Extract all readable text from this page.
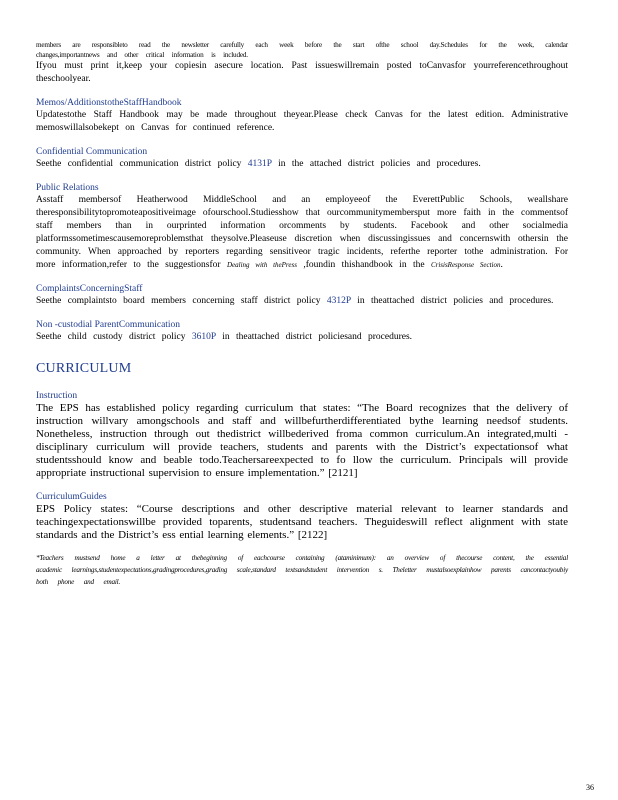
members are responsibleto read the newsletter carefully each week before the start ofthe school day.Schedules for the week, calendar changes,importantnews and other critical information is included.

Ifyou must print it,keep your copiesin asecure location. Past issueswillremain posted toCanvasfor yourreferencethroughout theschoolyear.

Memos/AdditionstotheStaffHandbook

Updatestothe Staff Handbook may be made throughout theyear.Please check Canvas for the latest edition. Administrative memoswillalsobekept on Canvas for continued reference.

Confidential Communication

Seethe confidential communication district policy 4131P in the attached district policies and procedures.

Public Relations

Asstaff membersof Heatherwood MiddleSchool and an employeeof the EverettPublic Schools, weallshare theresponsibilitytopromoteapositiveimage ofourschool.Studiesshow that ourcommunitymembersput more faith in the commentsof staff members than in ourprinted information orcomments by students. Facebook and other socialmedia platformssometimescausemoreproblemsthat theysolve.Pleaseuse discretion when discussingissues and concernswith othersin the community. When approached by reporters regarding sensitiveor tragic incidents, referthe reporter tothe administration. For more information,refer to the suggestionsfor Dealing with thePress ,foundin thishandbook in the CrisisResponse Section.

ComplaintsConcerningStaff

Seethe complaintsto board members concerning staff district policy 4312P in theattached district policies and procedures.

Non -custodial ParentCommunication

Seethe child custody district policy 3610P in theattached district policiesand procedures.

CURRICULUM
Instruction

The EPS has established policy regarding curriculum that states: “The Board recognizes that the delivery of instruction willvary amongschools and staff and willbefurtherdifferentiated bythe learning needsof students. Nonetheless, instruction through out thedistrict willbederived froma common curriculum.An integrated,multi -disciplinary curriculum will provide teachers, students and parents with the District’s expectationsof what studentsshould know and beable todo.Teachersareexpected to fo llow the curriculum. Principals will provide appropriate instructional supervision to ensure implementation.” [2121]

CurriculumGuides

EPS Policy states: “Course descriptions and other descriptive material relevant to learner standards and teachingexpectationswillbe provided toparents, studentsand teachers. Theguideswill reflect alignment with state standards and the District’s ess ential learning elements.” [2122]

*Teachers mustsend home a letter at thebeginning of eachcourse containing (ataminimum): an overview of thecourse content, the essential academic learnings,studentexpectations,gradingprocedures,grading scale,standard textsandstudent intervention s. Theletter mustalsoexplainhow parents cancontactyoubiy both phone and email.

36
